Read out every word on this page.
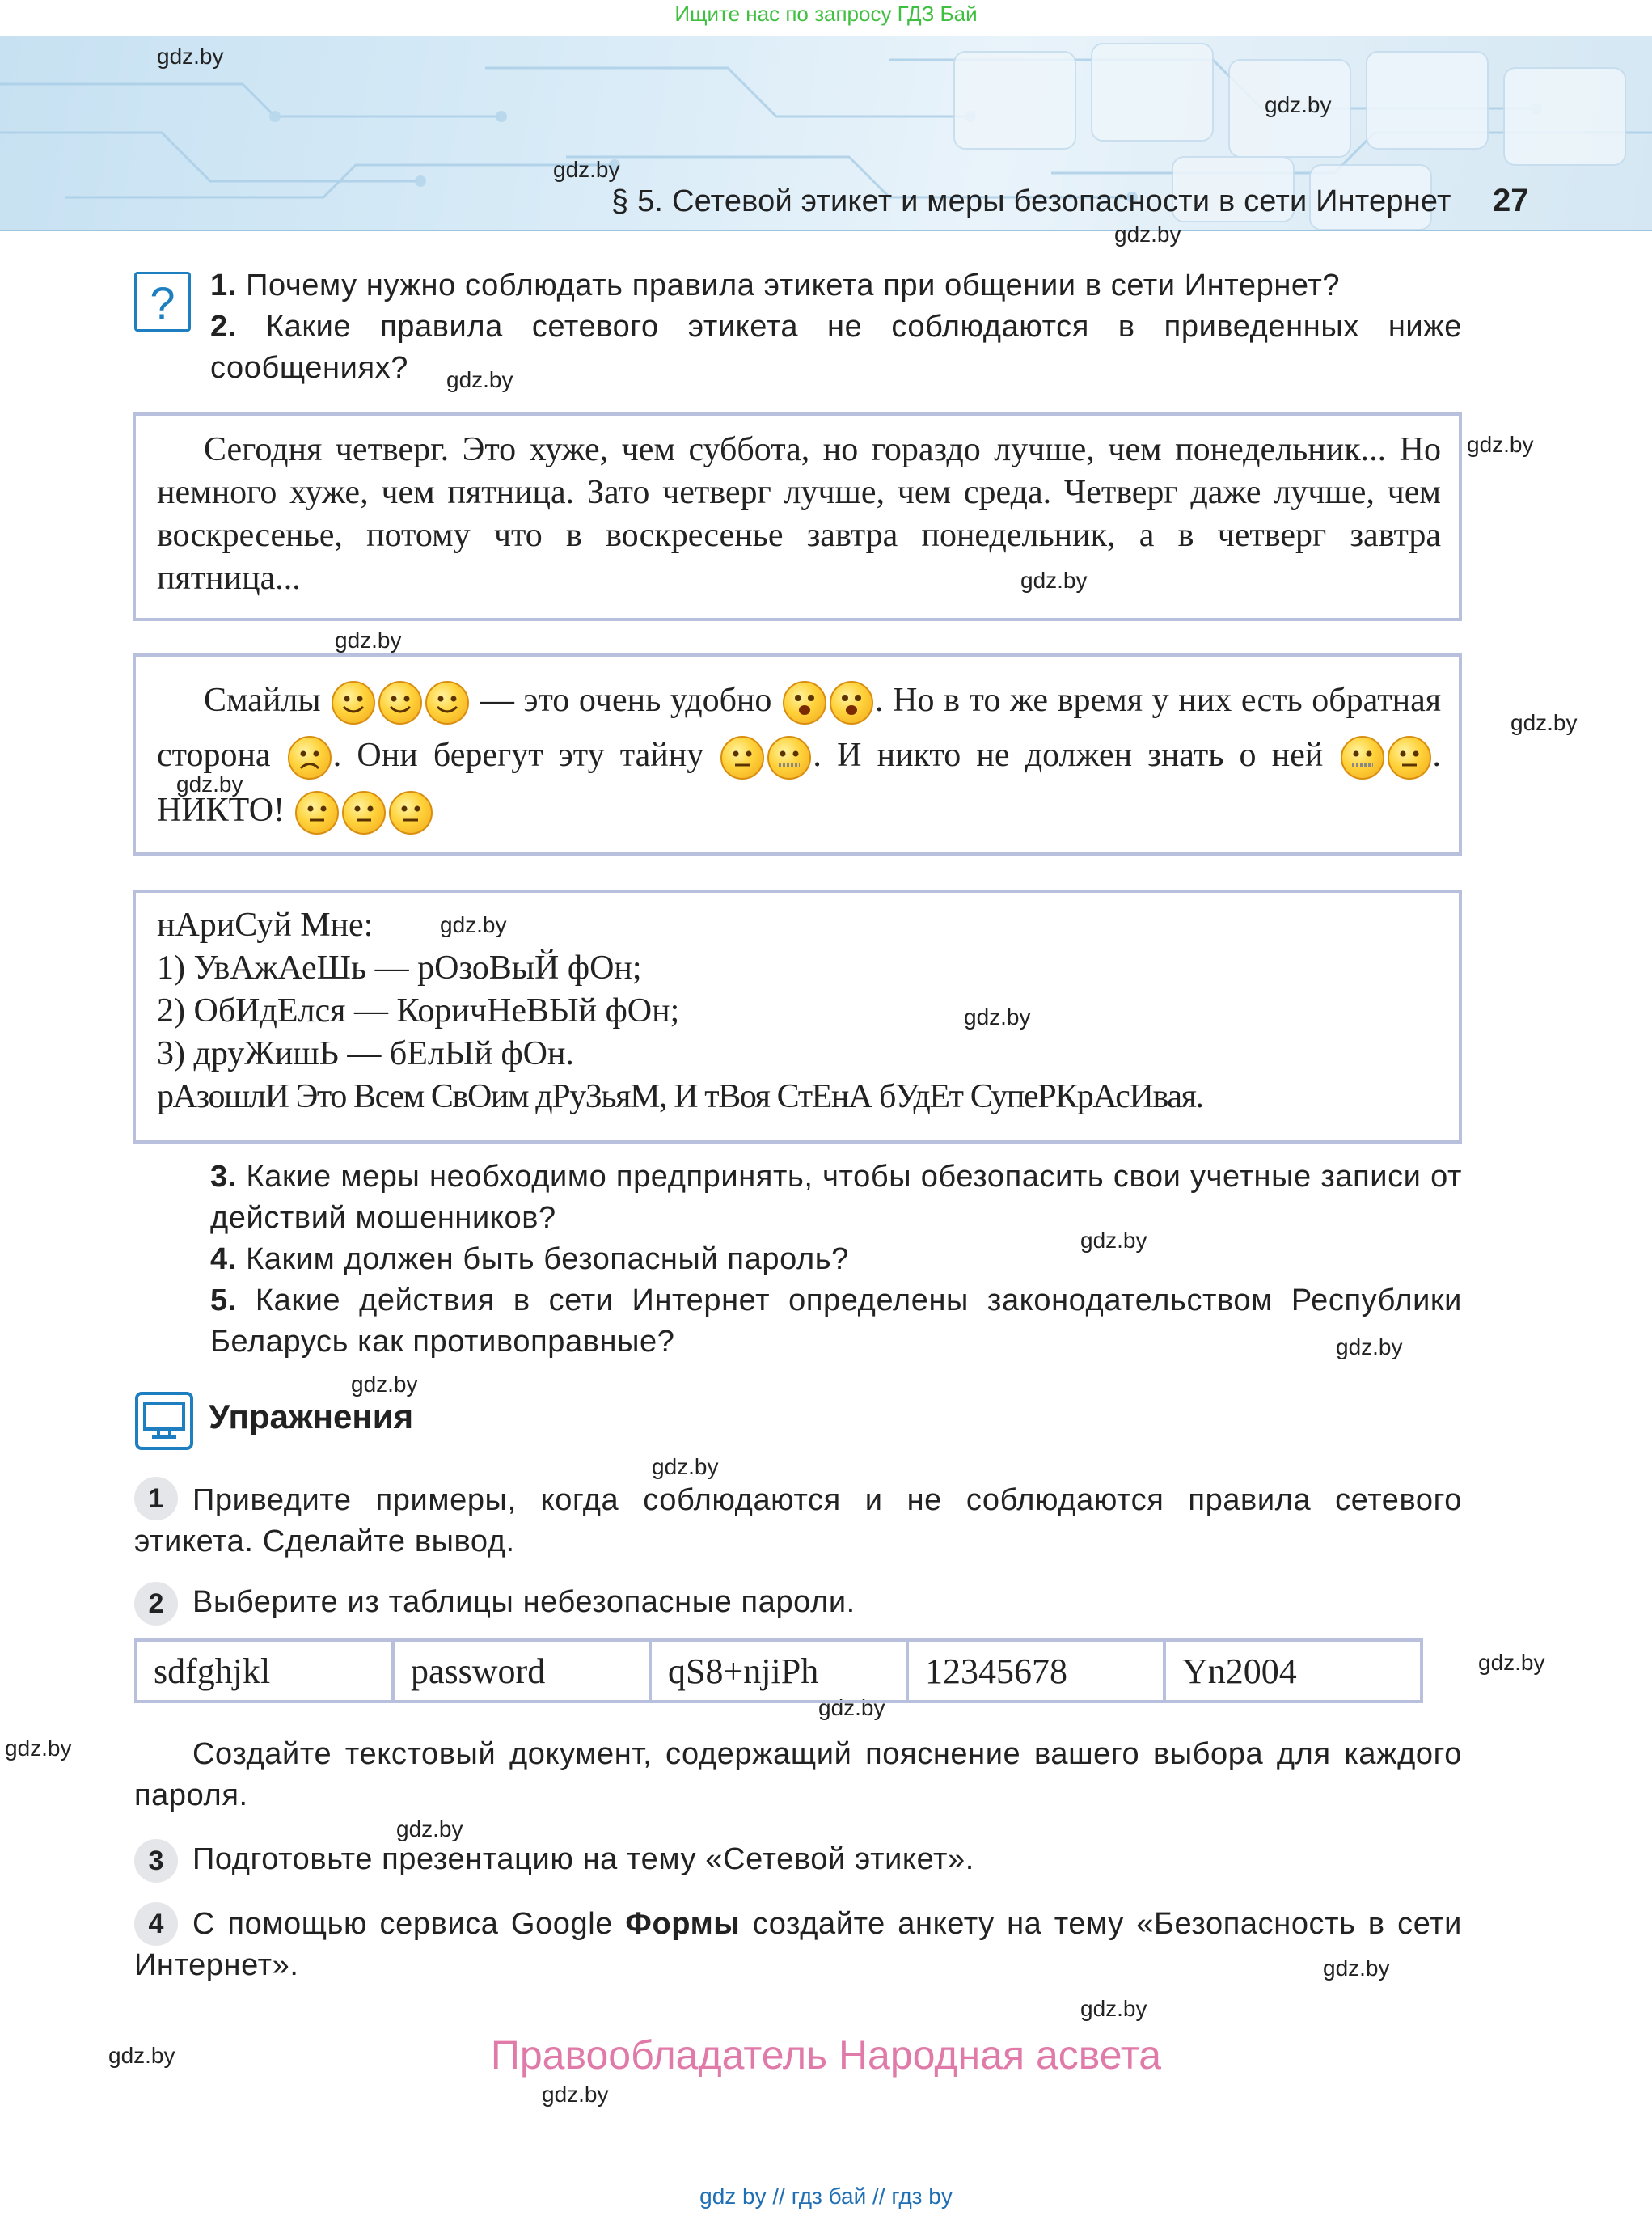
Ищите нас по запросу ГДЗ Бай
§ 5. Сетевой этикет и меры безопасности в сети Интернет 27
gdz.by
gdz.by
gdz.by
gdz.by
gdz.by
gdz.by
gdz.by
gdz.by
gdz.by
gdz.by
gdz.by
gdz.by
gdz.by
gdz.by
gdz.by
gdz.by
gdz.by
gdz.by
gdz.by
gdz.by
gdz.by
gdz.by
gdz.by
gdz.by
?	1. Почему нужно соблюдать правила этикета при общении в сети Интернет?
2. Какие правила сетевого этикета не соблюдаются в приведенных ниже сообщениях?
Сегодня четверг. Это хуже, чем суббота, но гораздо лучше, чем понедельник... Но немного хуже, чем пятница. Зато четверг лучше, чем среда. Четверг даже лучше, чем воскресенье, потому что в воскресенье завтра понедельник, а в четверг завтра пятница...
Смайлы	— это очень удобно	. Но в то же время у них есть обратная сторона . Они берегут эту тайну	. И никто не должен знать о ней	. НИКТО!
нАриСуй Мне:
1) УвАжАеШь — рОзоВыЙ фОн;
2) ОбИдЕлся — КоричНеВЫй фОн;
3) друЖишЬ — бЕлЫй фОн.
рАзошлИ Это Всем СвОим дРуЗьяМ, И тВоя СтЕнА бУдЕт СупеРКрАсИвая.
3. Какие меры необходимо предпринять, чтобы обезопасить свои учетные записи от действий мошенников?
4. Каким должен быть безопасный пароль?
5. Какие действия в сети Интернет определены законодательством Республики Беларусь как противоправные?
Упражнения
1 Приведите примеры, когда соблюдаются и не соблюдаются правила сетевого этикета. Сделайте вывод.
2 Выберите из таблицы небезопасные пароли.
sdfghjkl	password	qS8+njiPh	12345678	Yn2004
Создайте текстовый документ, содержащий пояснение вашего выбора для каждого пароля.
3 Подготовьте презентацию на тему «Сетевой этикет».
4 С помощью сервиса Google Формы создайте анкету на тему «Безопасность в сети Интернет».
Правообладатель Народная асвета
gdz by // гдз бай // гдз by
